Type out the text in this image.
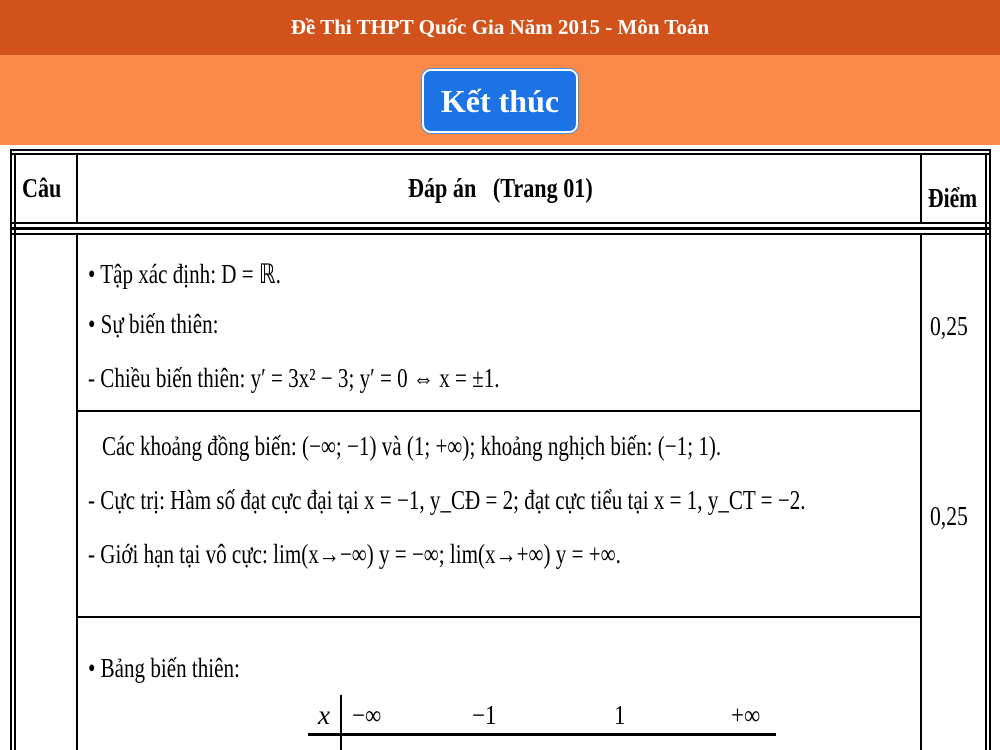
Đề Thi THPT Quốc Gia Năm 2015 - Môn Toán
Kết thúc
Câu	Đáp án   (Trang 01)	Điểm
• Tập xác định: D = ℝ.
• Sự biến thiên:
- Chiều biến thiên: y′ = 3x² − 3; y′ = 0 ⇔ x = ±1.
0,25
Các khoảng đồng biến: (−∞; −1) và (1; +∞); khoảng nghịch biến: (−1; 1).
- Cực trị: Hàm số đạt cực đại tại x = −1, y_CĐ = 2; đạt cực tiểu tại x = 1, y_CT = −2.
- Giới hạn tại vô cực: lim(x→−∞) y = −∞; lim(x→+∞) y = +∞.
0,25
• Bảng biến thiên:
x −∞	−1	1	+∞
